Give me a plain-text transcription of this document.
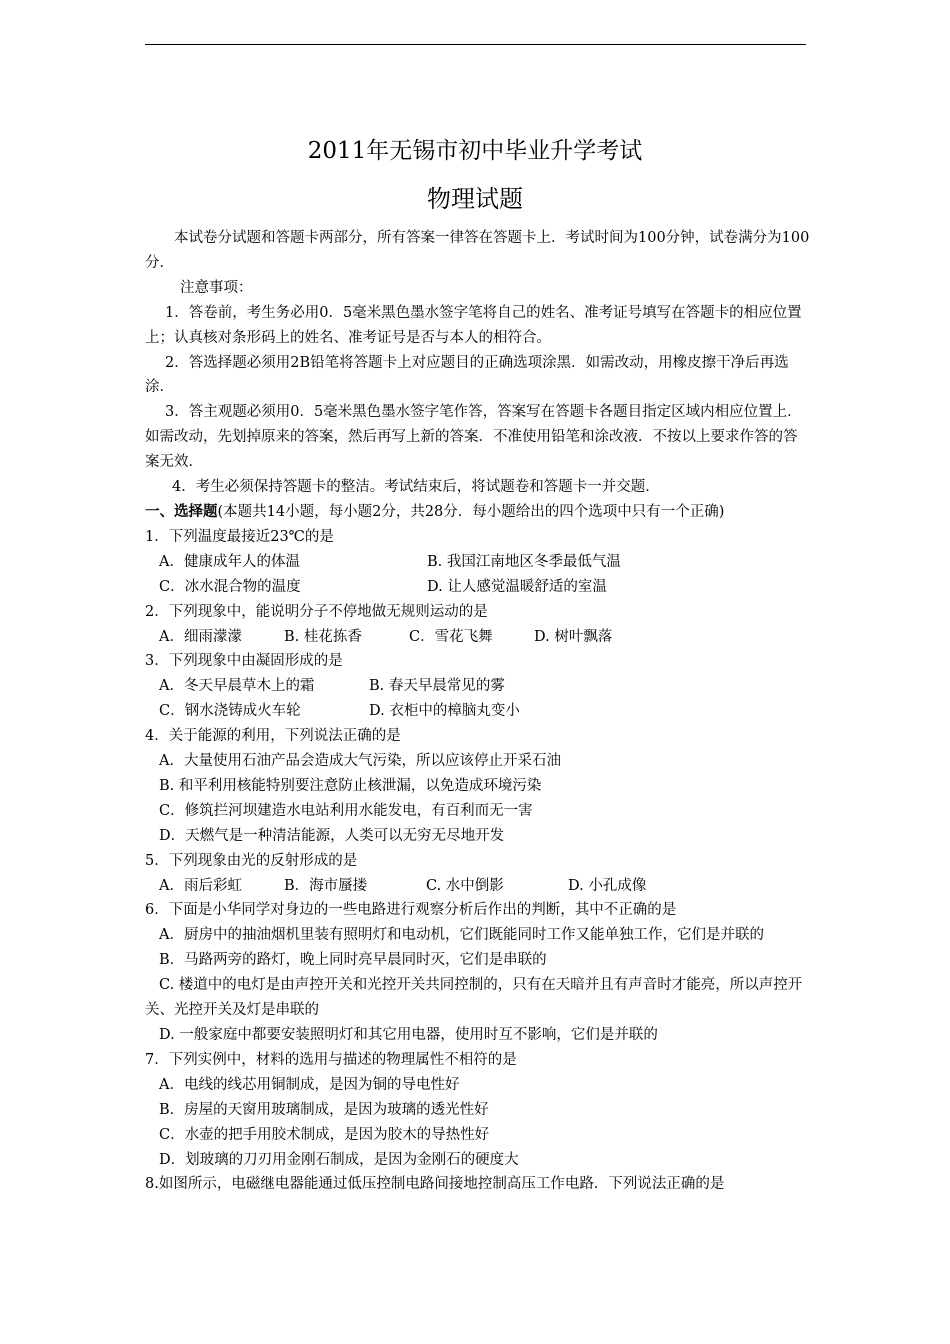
2011年无锡市初中毕业升学考试
物理试题

本试卷分试题和答题卡两部分，所有答案一律答在答题卡上．考试时间为100分钟，试卷满分为100分．

注意事项：

1．答卷前，考生务必用0．5毫米黑色墨水签字笔将自己的姓名、准考证号填写在答题卡的相应位置上；认真核对条形码上的姓名、准考证号是否与本人的相符合。

2．答选择题必须用2B铅笔将答题卡上对应题目的正确选项涂黑．如需改动，用橡皮擦干净后再选涂．

3．答主观题必须用0．5毫米黑色墨水签字笔作答，答案写在答题卡各题目指定区域内相应位置上．如需改动，先划掉原来的答案，然后再写上新的答案．不准使用铅笔和涂改液．不按以上要求作答的答案无效．

4．考生必须保持答题卡的整洁。考试结束后，将试题卷和答题卡一并交题．

一、选择题(本题共14小题，每小题2分，共28分．每小题给出的四个选项中只有一个正确)

1．下列温度最接近23℃的是

A．健康成年人的体温	B. 我国江南地区冬季最低气温
C．冰水混合物的温度	D. 让人感觉温暖舒适的室温

2．下列现象中，能说明分子不停地做无规则运动的是

A．细雨濛濛	B. 桂花拣香	C．雪花飞舞	D. 树叶飘落

3．下列现象中由凝固形成的是

A．冬天早晨草木上的霜	B. 春天早晨常见的雾
C．钢水浇铸成火车轮	D. 衣柜中的樟脑丸变小

4．关于能源的利用，下列说法正确的是

A．大量使用石油产品会造成大气污染，所以应该停止开采石油

B. 和平利用核能特别要注意防止核泄漏，以免造成环境污染

C．修筑拦河坝建造水电站利用水能发电，有百利而无一害

D．天燃气是一种清洁能源，人类可以无穷无尽地开发

5．下列现象由光的反射形成的是

A．雨后彩虹	B．海市蜃搂	C. 水中倒影	D. 小孔成像

6．下面是小华同学对身边的一些电路进行观察分析后作出的判断，其中不正确的是

A．厨房中的抽油烟机里装有照明灯和电动机，它们既能同时工作又能单独工作，它们是并联的

B．马路两旁的路灯，晚上同时亮早晨同时灭，它们是串联的

C. 楼道中的电灯是由声控开关和光控开关共同控制的，只有在天暗并且有声音时才能亮，所以声控开关、光控开关及灯是串联的

D. 一般家庭中都要安装照明灯和其它用电器，使用时互不影响，它们是并联的

7．下列实例中，材料的选用与描述的物理属性不相符的是

A．电线的线芯用铜制成，是因为铜的导电性好

B．房屋的天窗用玻璃制成，是因为玻璃的透光性好

C．水壶的把手用胶术制成，是因为胶木的导热性好

D．划玻璃的刀刃用金刚石制成，是因为金刚石的硬度大

8.如图所示，电磁继电器能通过低压控制电路间接地控制高压工作电路．下列说法正确的是
